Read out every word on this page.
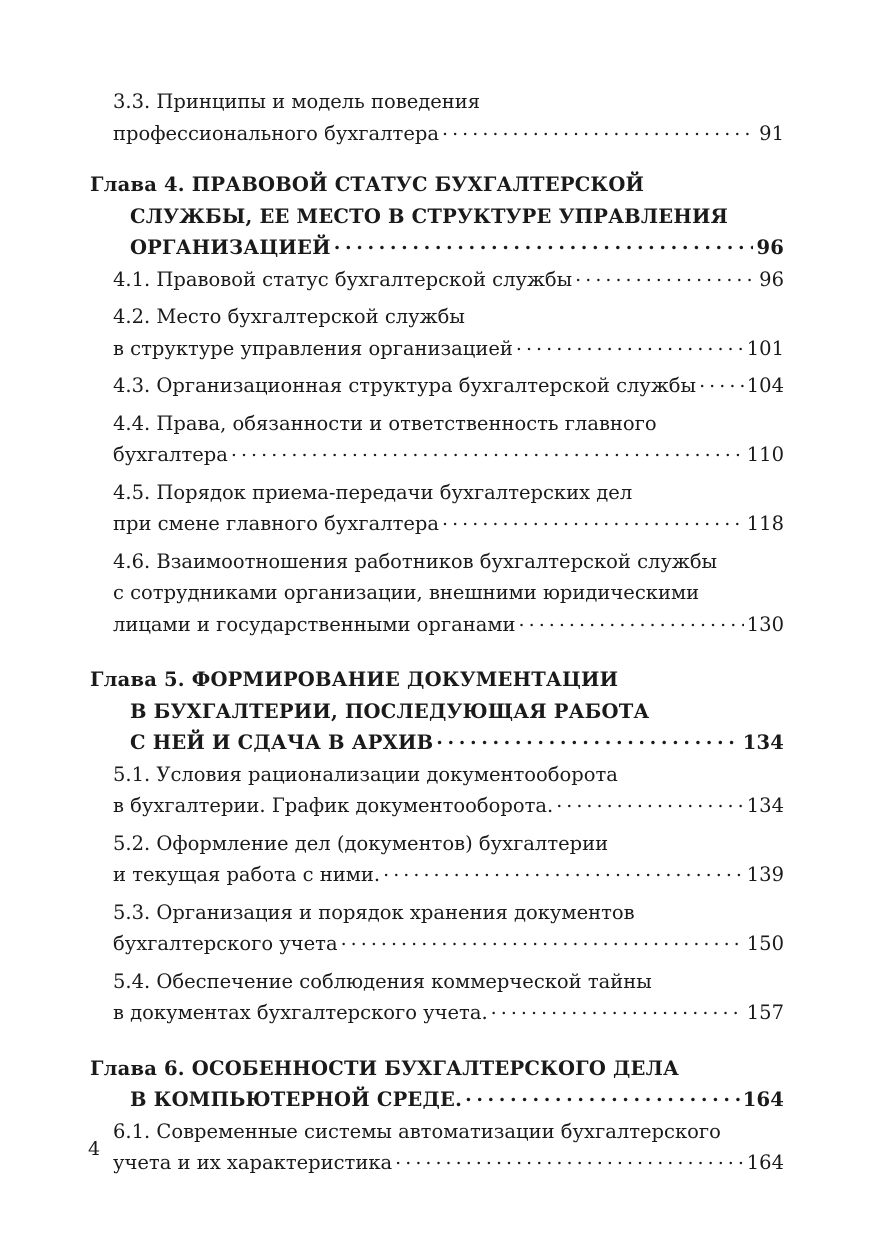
3.3. Принципы и модель поведения
профессионального бухгалтера . . .	91
Глава 4. ПРАВОВОЙ СТАТУС БУХГАЛТЕРСКОЙ
СЛУЖБЫ, ЕЕ МЕСТО В СТРУКТУРЕ УПРАВЛЕНИЯ
ОРГАНИЗАЦИЕЙ . . .	96
4.1. Правовой статус бухгалтерской службы . . .	96
4.2. Место бухгалтерской службы
в структуре управления организацией . . .	101
4.3. Организационная структура бухгалтерской службы . . .	104
4.4. Права, обязанности и ответственность главного
бухгалтера . . .	110
4.5. Порядок приема-передачи бухгалтерских дел
при смене главного бухгалтера . . .	118
4.6. Взаимоотношения работников бухгалтерской службы
с сотрудниками организации, внешними юридическими
лицами и государственными органами . . .	130
Глава 5. ФОРМИРОВАНИЕ ДОКУМЕНТАЦИИ
В БУХГАЛТЕРИИ, ПОСЛЕДУЮЩАЯ РАБОТА
С НЕЙ И СДАЧА В АРХИВ . . .	134
5.1. Условия рационализации документооборота
в бухгалтерии. График документооборота. . . .	134
5.2. Оформление дел (документов) бухгалтерии
и текущая работа с ними. . . .	139
5.3. Организация и порядок хранения документов
бухгалтерского учета . . .	150
5.4. Обеспечение соблюдения коммерческой тайны
в документах бухгалтерского учета. . . .	157
Глава 6. ОСОБЕННОСТИ БУХГАЛТЕРСКОГО ДЕЛА
В КОМПЬЮТЕРНОЙ СРЕДЕ. . . .	164
6.1. Современные системы автоматизации бухгалтерского
учета и их характеристика . . .	164
4
